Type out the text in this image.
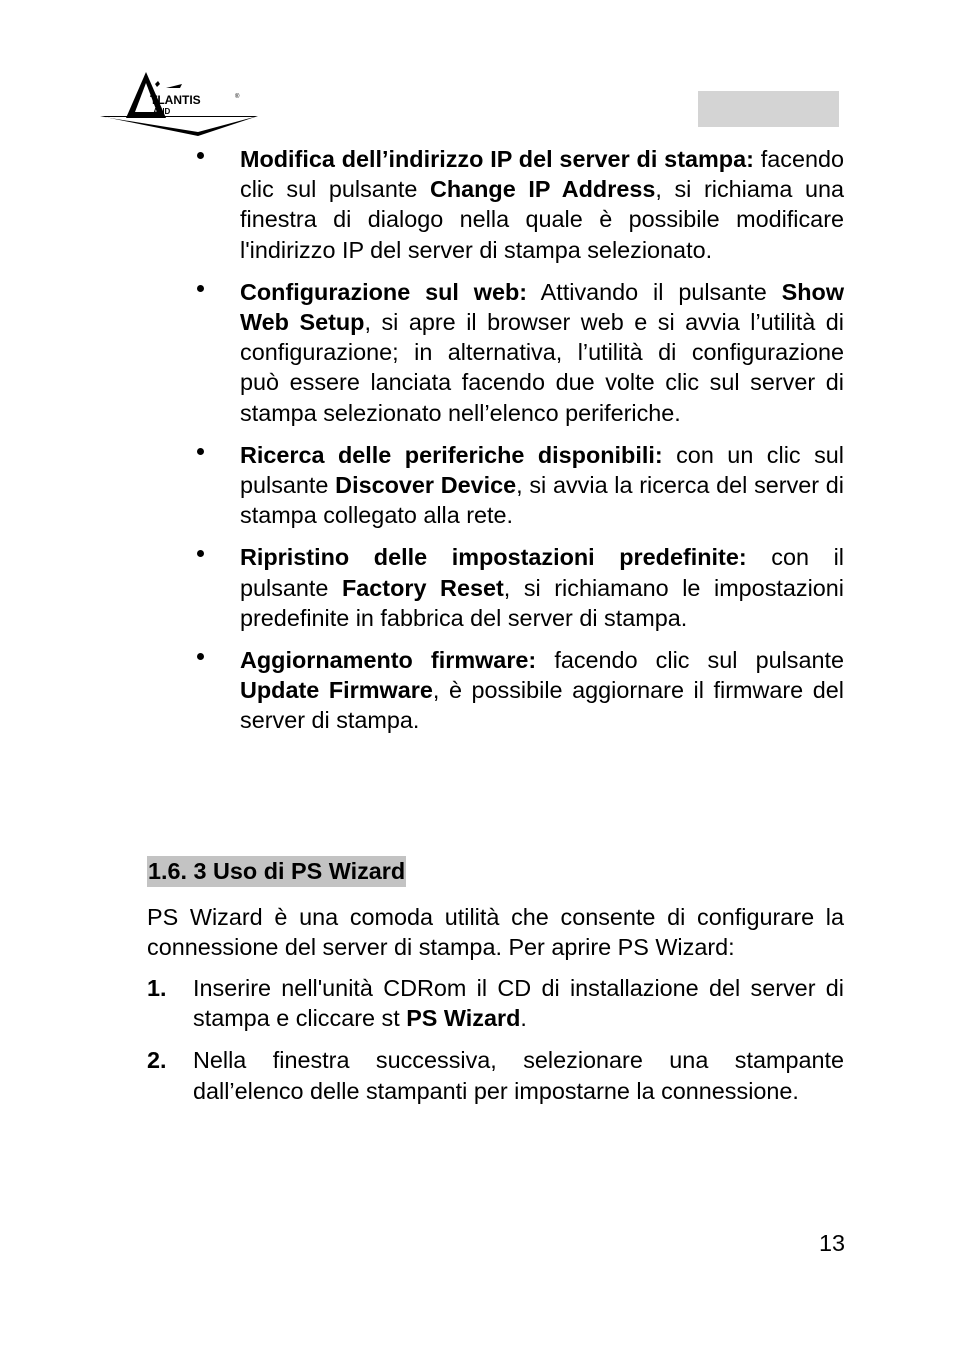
TLANTIS	®
AND

Modifica dell’indirizzo IP del server di stampa: facendo clic sul pulsante Change IP Address, si richiama una finestra di dialogo nella quale è possibile modificare l'indirizzo IP del server di stampa selezionato.

Configurazione sul web: Attivando il pulsante Show Web Setup, si apre il browser web e si avvia l’utilità di configurazione; in alternativa, l’utilità di configurazione può essere lanciata facendo due volte clic sul server di stampa selezionato nell’elenco periferiche.

Ricerca delle periferiche disponibili: con un clic sul pulsante Discover Device, si avvia la ricerca del server di stampa collegato alla rete.

Ripristino delle impostazioni predefinite: con il pulsante Factory Reset, si richiamano le impostazioni predefinite in fabbrica del server di stampa.

Aggiornamento firmware: facendo clic sul pulsante Update Firmware, è possibile aggiornare il firmware del server di stampa.

1.6. 3 Uso di PS Wizard

PS Wizard è una comoda utilità che consente di configurare la connessione del server di stampa. Per aprire PS Wizard:

1. Inserire nell'unità CDRom il CD di installazione del server di stampa e cliccare st PS Wizard.

2. Nella finestra successiva, selezionare una stampante dall’elenco delle stampanti per impostarne la connessione.

13
